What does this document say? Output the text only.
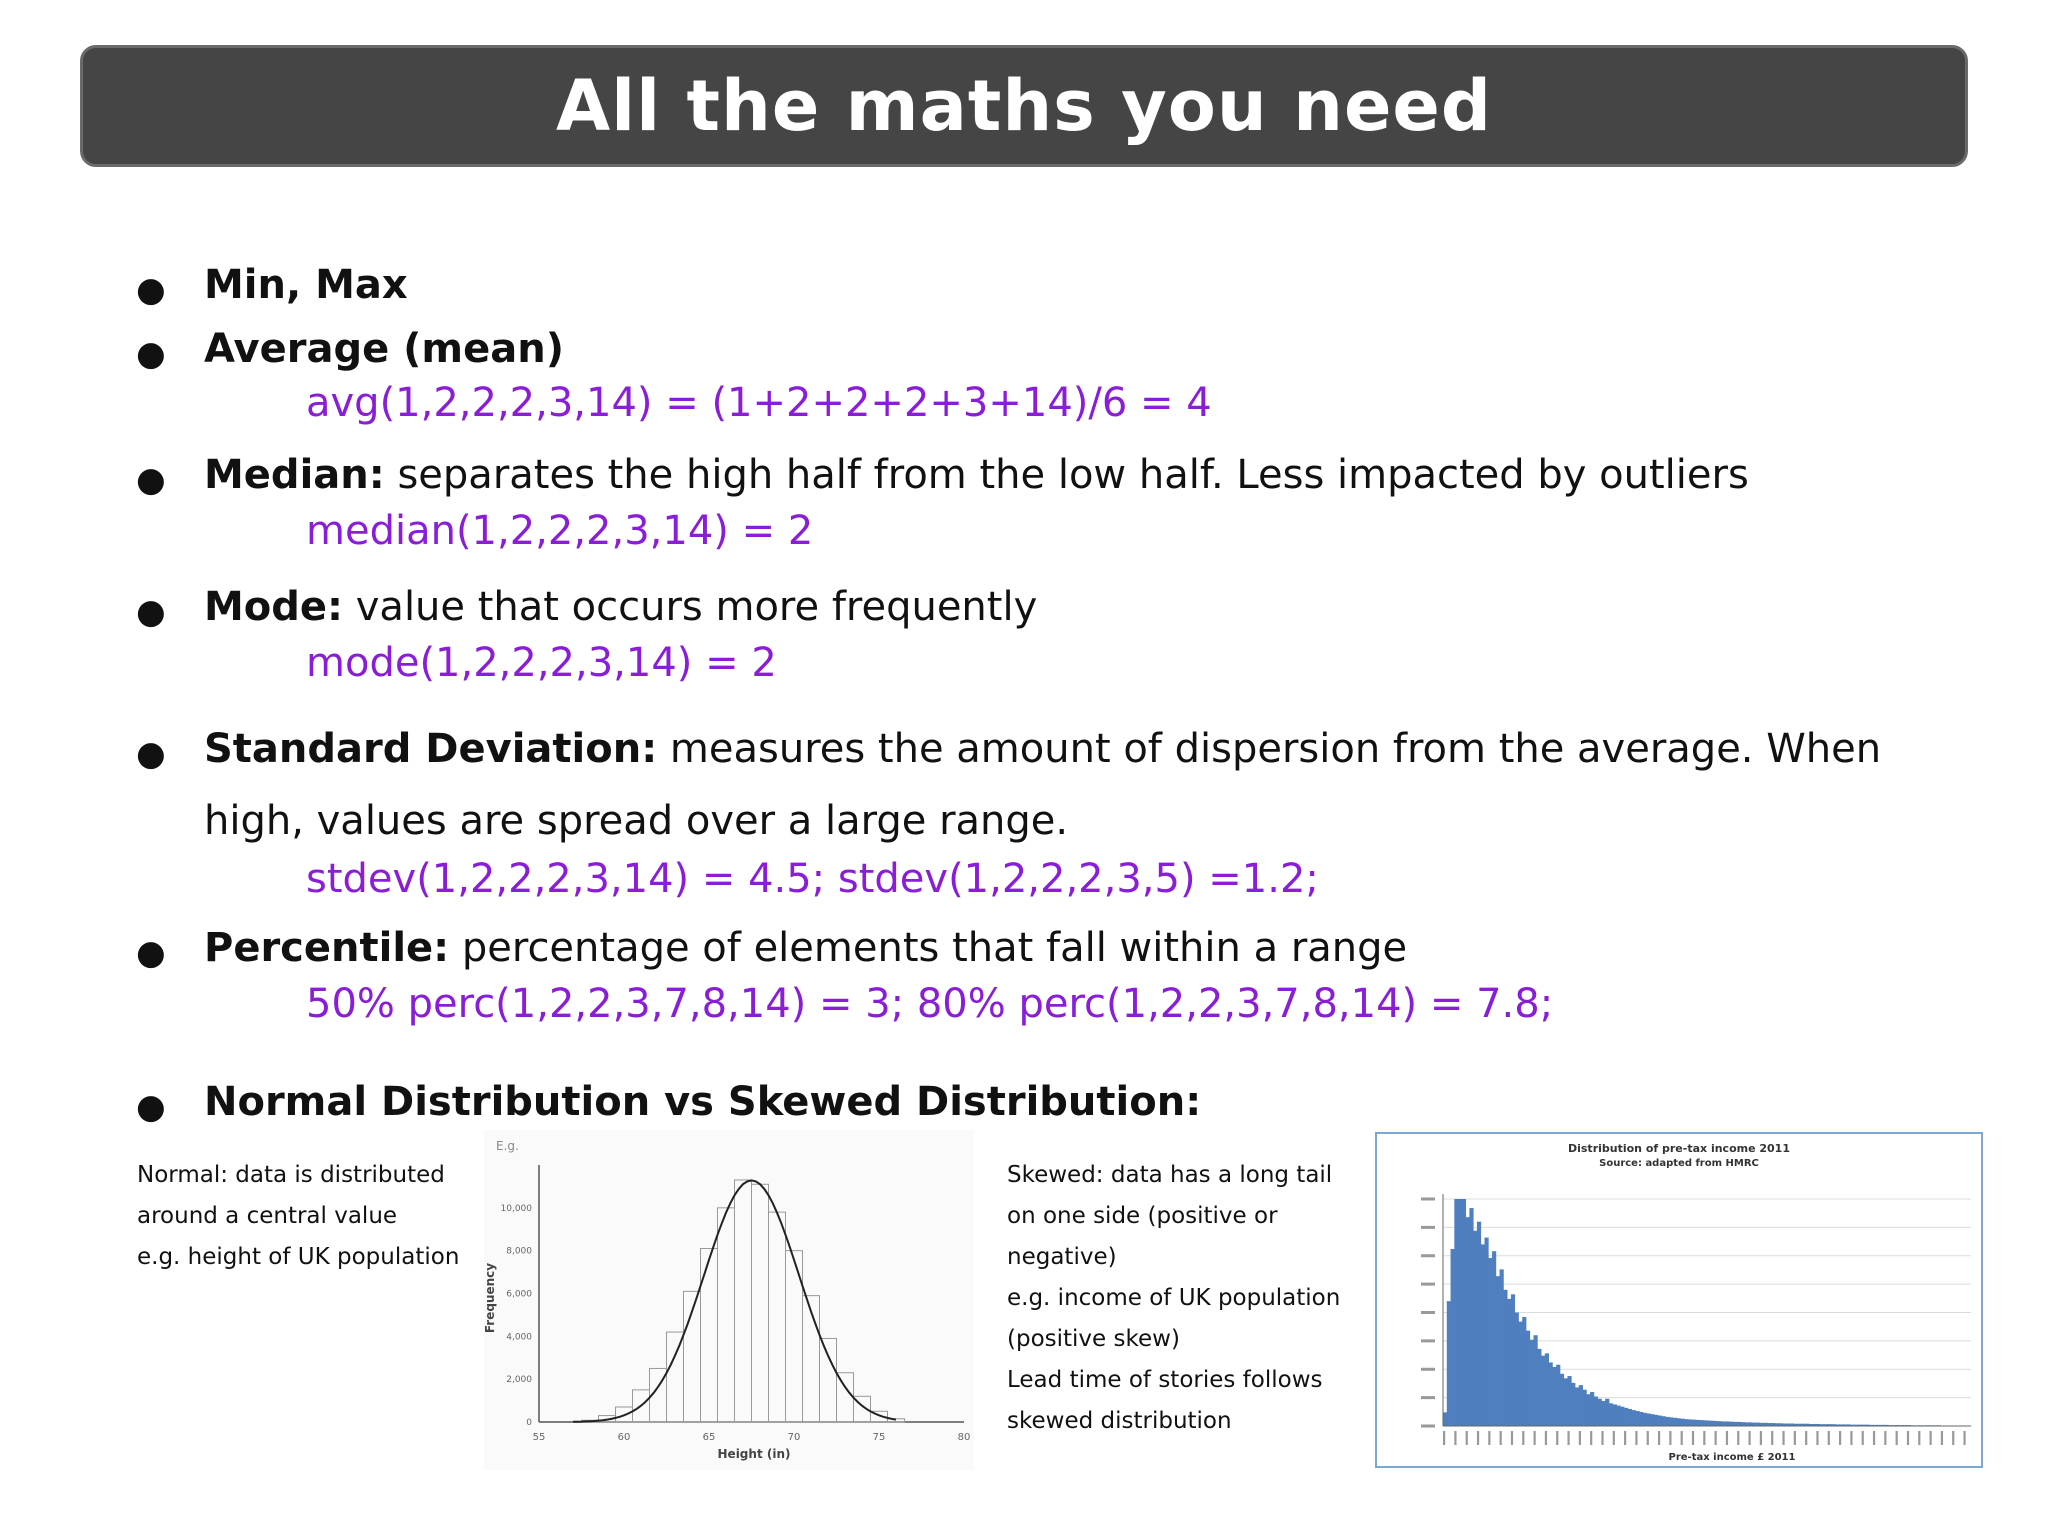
All the maths you need
● Min, Max
● Average (mean)
avg(1,2,2,2,3,14) = (1+2+2+2+3+14)/6 = 4
● Median: separates the high half from the low half. Less impacted by outliers
median(1,2,2,2,3,14) = 2
● Mode: value that occurs more frequently
mode(1,2,2,2,3,14) = 2
● Standard Deviation: measures the amount of dispersion from the average. When
high, values are spread over a large range.
stdev(1,2,2,2,3,14) = 4.5; stdev(1,2,2,2,3,5) =1.2;
● Percentile: percentage of elements that fall within a range
50% perc(1,2,2,3,7,8,14) = 3; 80% perc(1,2,2,3,7,8,14) = 7.8;
● Normal Distribution vs Skewed Distribution:
Normal: data is distributed
around a central value
e.g. height of UK population
E.g.
Height (in)
Frequency
55	60	65	70	75	80
0
2,000
4,000
6,000
8,000
10,000
Skewed: data has a long tail
on one side (positive or
negative)
e.g. income of UK population
(positive skew)
Lead time of stories follows
skewed distribution
Distribution of pre-tax income 2011
Source: adapted from HMRC
Pre-tax income £ 2011
